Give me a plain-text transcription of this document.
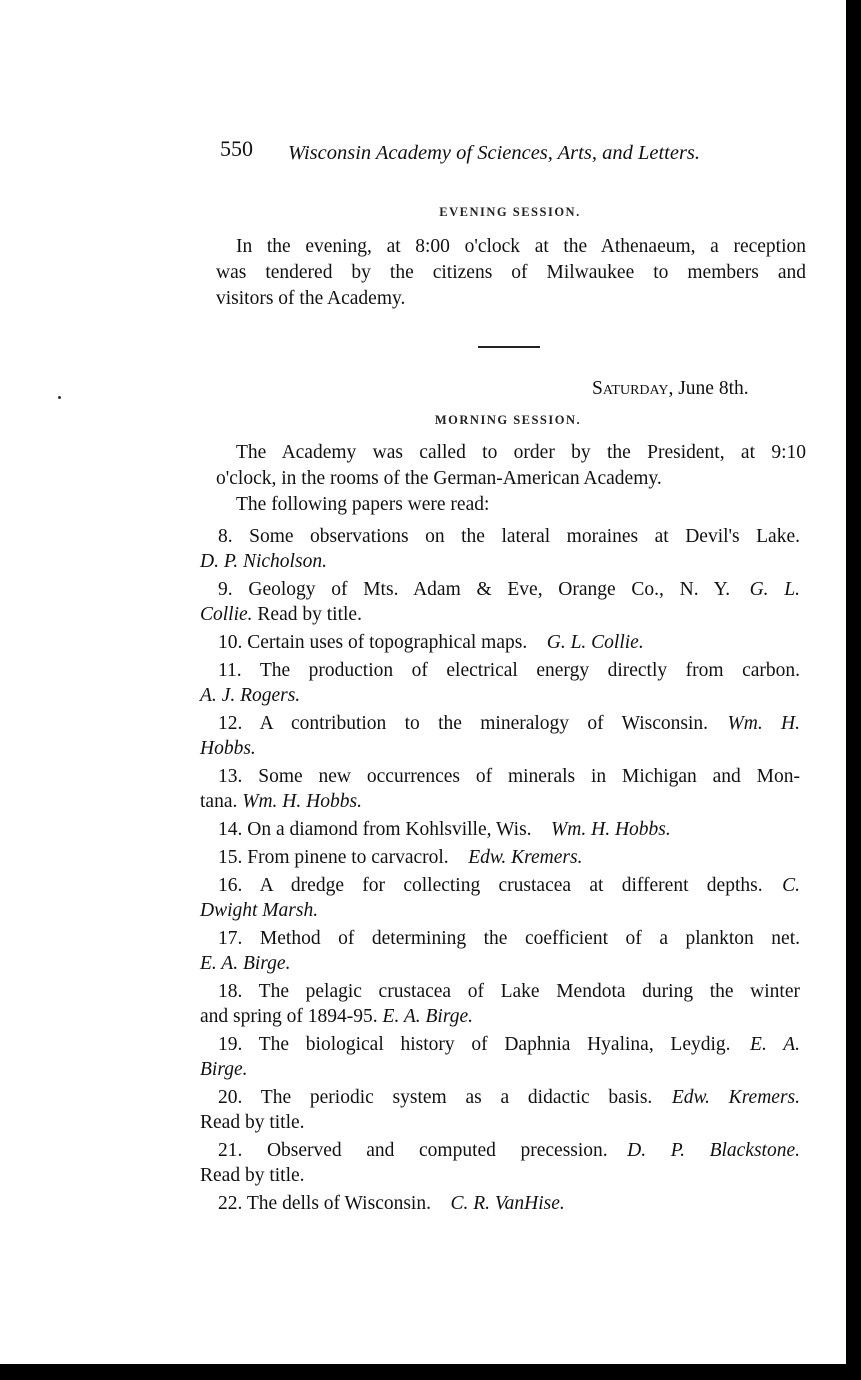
550 Wisconsin Academy of Sciences, Arts, and Letters.
EVENING SESSION.
In the evening, at 8:00 o'clock at the Athenaeum, a reception
was tendered by the citizens of Milwaukee to members and
visitors of the Academy.
Saturday, June 8th.
MORNING SESSION.
The Academy was called to order by the President, at 9:10
o'clock, in the rooms of the German-American Academy.
The following papers were read:
8. Some observations on the lateral moraines at Devil's Lake.
D. P. Nicholson.
9. Geology of Mts. Adam & Eve, Orange Co., N. Y.  G. L.
Collie. Read by title.
10. Certain uses of topographical maps.  G. L. Collie.
11. The production of electrical energy directly from carbon.
A. J. Rogers.
12. A contribution to the mineralogy of Wisconsin.  Wm. H.
Hobbs.
13. Some new occurrences of minerals in Michigan and Mon-
tana. Wm. H. Hobbs.
14. On a diamond from Kohlsville, Wis.  Wm. H. Hobbs.
15. From pinene to carvacrol.  Edw. Kremers.
16. A dredge for collecting crustacea at different depths.  C.
Dwight Marsh.
17. Method of determining the coefficient of a plankton net.
E. A. Birge.
18. The pelagic crustacea of Lake Mendota during the winter
and spring of 1894-95. E. A. Birge.
19. The biological history of Daphnia Hyalina, Leydig.  E. A.
Birge.
20. The periodic system as a didactic basis.  Edw. Kremers.
Read by title.
21. Observed and computed precession.  D. P. Blackstone.
Read by title.
22. The dells of Wisconsin.  C. R. VanHise.
